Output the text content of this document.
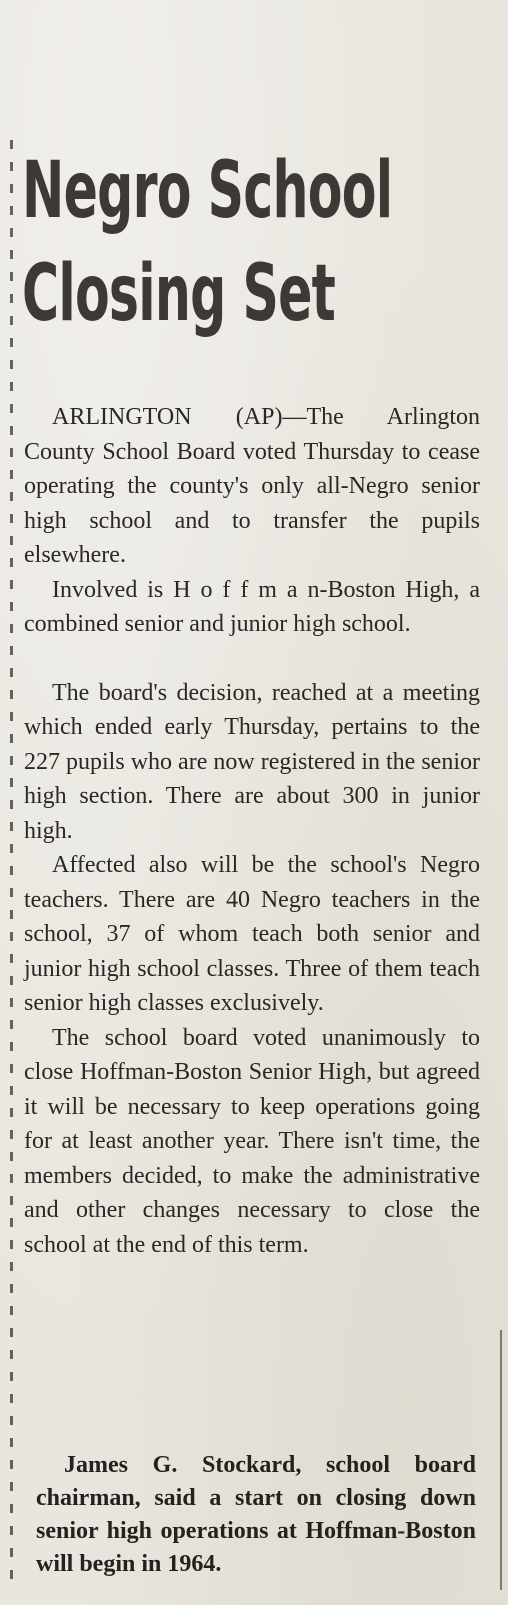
Negro School
Closing Set

ARLINGTON (AP)—The Arlington County School Board voted Thursday to cease operating the county's only all-Negro senior high school and to transfer the pupils elsewhere.

Involved is H o f f m a n-Boston High, a combined senior and junior high school.

The board's decision, reached at a meeting which ended early Thursday, pertains to the 227 pupils who are now registered in the senior high section. There are about 300 in junior high.

Affected also will be the school's Negro teachers. There are 40 Negro teachers in the school, 37 of whom teach both senior and junior high school classes. Three of them teach senior high classes exclusively.

The school board voted unanimously to close Hoffman-Boston Senior High, but agreed it will be necessary to keep operations going for at least another year. There isn't time, the members decided, to make the administrative and other changes necessary to close the school at the end of this term.

James G. Stockard, school board chairman, said a start on closing down senior high operations at Hoffman-Boston will begin in 1964.
